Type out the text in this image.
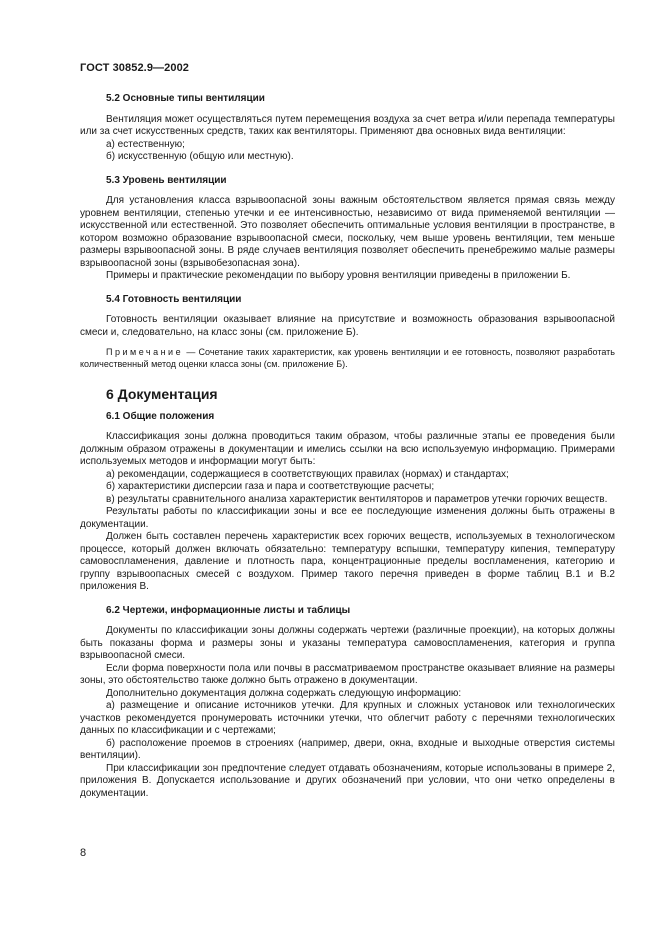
ГОСТ 30852.9—2002
5.2 Основные типы вентиляции

Вентиляция может осуществляться путем перемещения воздуха за счет ветра и/или перепада температуры или за счет искусственных средств, таких как вентиляторы. Применяют два основных вида вентиляции:

а) естественную;

б) искусственную (общую или местную).

5.3 Уровень вентиляции

Для установления класса взрывоопасной зоны важным обстоятельством является прямая связь между уровнем вентиляции, степенью утечки и ее интенсивностью, независимо от вида применяемой вентиляции — искусственной или естественной. Это позволяет обеспечить оптимальные условия вентиляции в пространстве, в котором возможно образование взрывоопасной смеси, поскольку, чем выше уровень вентиляции, тем меньше размеры взрывоопасной зоны. В ряде случаев вентиляция позволяет обеспечить пренебрежимо малые размеры взрывоопасной зоны (взрывобезопасная зона).

Примеры и практические рекомендации по выбору уровня вентиляции приведены в приложении Б.

5.4 Готовность вентиляции

Готовность вентиляции оказывает влияние на присутствие и возможность образования взрывоопасной смеси и, следовательно, на класс зоны (см. приложение Б).

Примечание — Сочетание таких характеристик, как уровень вентиляции и ее готовность, позволяют разработать количественный метод оценки класса зоны (см. приложение Б).

6 Документация
6.1 Общие положения

Классификация зоны должна проводиться таким образом, чтобы различные этапы ее проведения были должным образом отражены в документации и имелись ссылки на всю используемую информацию. Примерами используемых методов и информации могут быть:

а) рекомендации, содержащиеся в соответствующих правилах (нормах) и стандартах;

б) характеристики дисперсии газа и пара и соответствующие расчеты;

в) результаты сравнительного анализа характеристик вентиляторов и параметров утечки горючих веществ.

Результаты работы по классификации зоны и все ее последующие изменения должны быть отражены в документации.

Должен быть составлен перечень характеристик всех горючих веществ, используемых в технологическом процессе, который должен включать обязательно: температуру вспышки, температуру кипения, температуру самовоспламенения, давление и плотность пара, концентрационные пределы воспламенения, категорию и группу взрывоопасных смесей с воздухом. Пример такого перечня приведен в форме таблиц В.1 и В.2 приложения В.

6.2 Чертежи, информационные листы и таблицы

Документы по классификации зоны должны содержать чертежи (различные проекции), на которых должны быть показаны форма и размеры зоны и указаны температура самовоспламенения, категория и группа взрывоопасной смеси.

Если форма поверхности пола или почвы в рассматриваемом пространстве оказывает влияние на размеры зоны, это обстоятельство также должно быть отражено в документации.

Дополнительно документация должна содержать следующую информацию:

а) размещение и описание источников утечки. Для крупных и сложных установок или технологических участков рекомендуется пронумеровать источники утечки, что облегчит работу с перечнями технологических данных по классификации и с чертежами;

б) расположение проемов в строениях (например, двери, окна, входные и выходные отверстия системы вентиляции).

При классификации зон предпочтение следует отдавать обозначениям, которые использованы в примере 2, приложения В. Допускается использование и других обозначений при условии, что они четко определены в документации.

8
